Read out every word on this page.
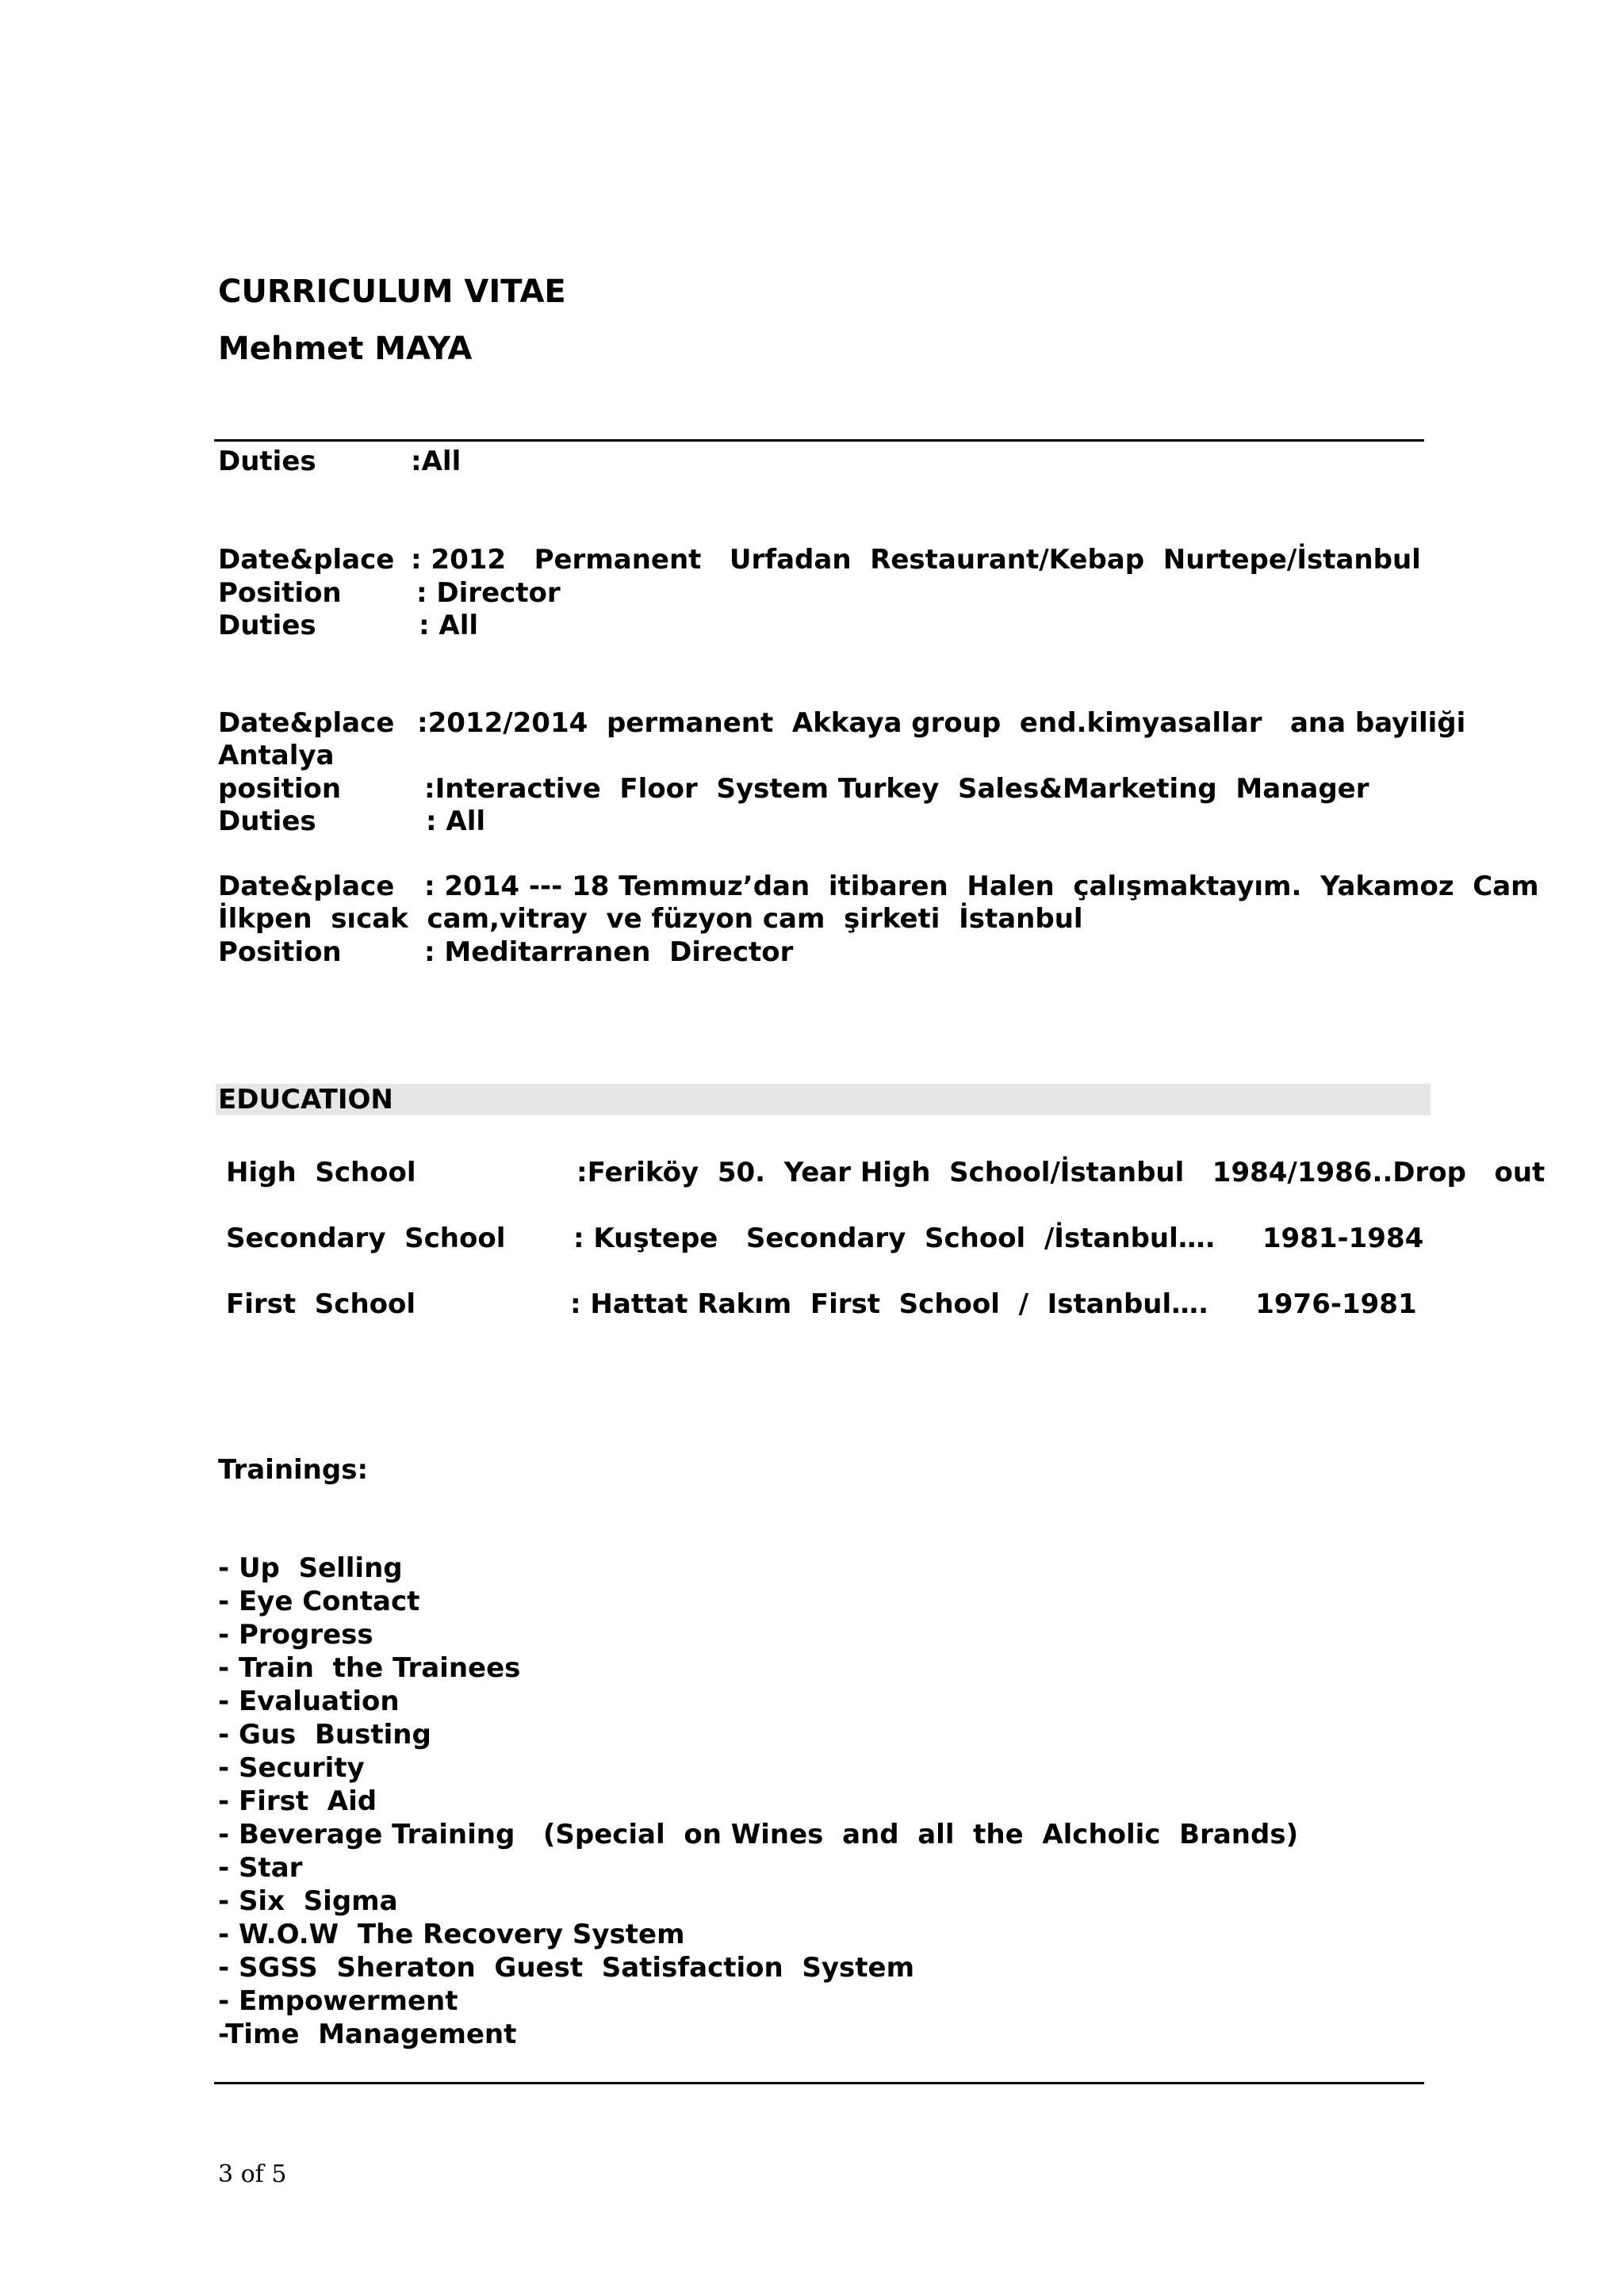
CURRICULUM VITAE
Mehmet MAYA
Duties	:All
Date&place : 2012   Permanent   Urfadan  Restaurant/Kebap  Nurtepe/İstanbul
Position	: Director
Duties	: All
Date&place :2012/2014  permanent  Akkaya group  end.kimyasallar   ana bayiliği
Antalya
position	:Interactive  Floor  System Turkey  Sales&Marketing  Manager
Duties	: All
Date&place : 2014 --- 18 Temmuz’dan  itibaren  Halen  çalışmaktayım.  Yakamoz  Cam
İlkpen  sıcak  cam,vitray  ve füzyon cam  şirketi  İstanbul
Position	: Meditarranen  Director
EDUCATION
High  School	:Feriköy  50.  Year High  School/İstanbul   1984/1986..Drop   out
Secondary  School	: Kuştepe   Secondary  School  /İstanbul….     1981-1984
First  School	: Hattat Rakım  First  School  /  Istanbul….     1976-1981
Trainings:
- Up  Selling
- Eye Contact
- Progress
- Train  the Trainees
- Evaluation
- Gus  Busting
- Security
- First  Aid
- Beverage Training   (Special  on Wines  and  all  the  Alcholic  Brands)
- Star
- Six  Sigma
- W.O.W  The Recovery System
- SGSS  Sheraton  Guest  Satisfaction  System
- Empowerment
-Time  Management
3 of 5
